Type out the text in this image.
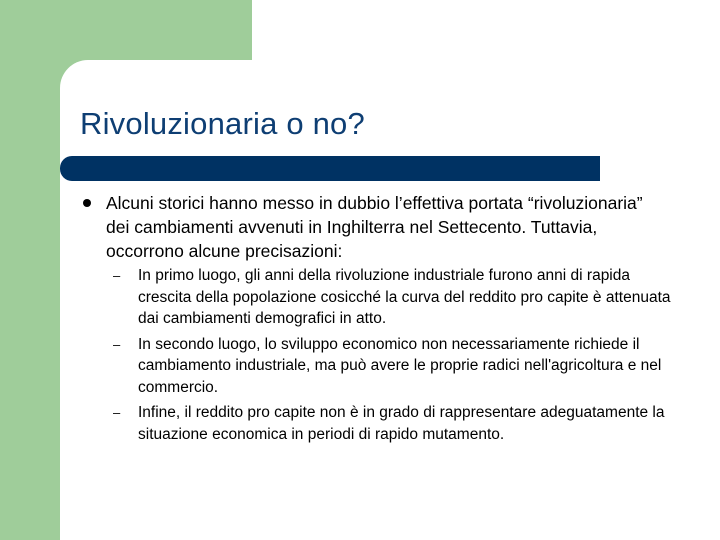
Rivoluzionaria o no?

Alcuni storici hanno messo in dubbio l’effettiva portata “rivoluzionaria” dei cambiamenti avvenuti in Inghilterra nel Settecento. Tuttavia, occorrono alcune precisazioni:

– In primo luogo, gli anni della rivoluzione industriale furono anni di rapida crescita della popolazione cosicché la curva del reddito pro capite è attenuata dai cambiamenti demografici in atto.
– In secondo luogo, lo sviluppo economico non necessariamente richiede il cambiamento industriale, ma può avere le proprie radici nell'agricoltura e nel commercio.
– Infine, il reddito pro capite non è in grado di rappresentare adeguatamente la situazione economica in periodi di rapido mutamento.
